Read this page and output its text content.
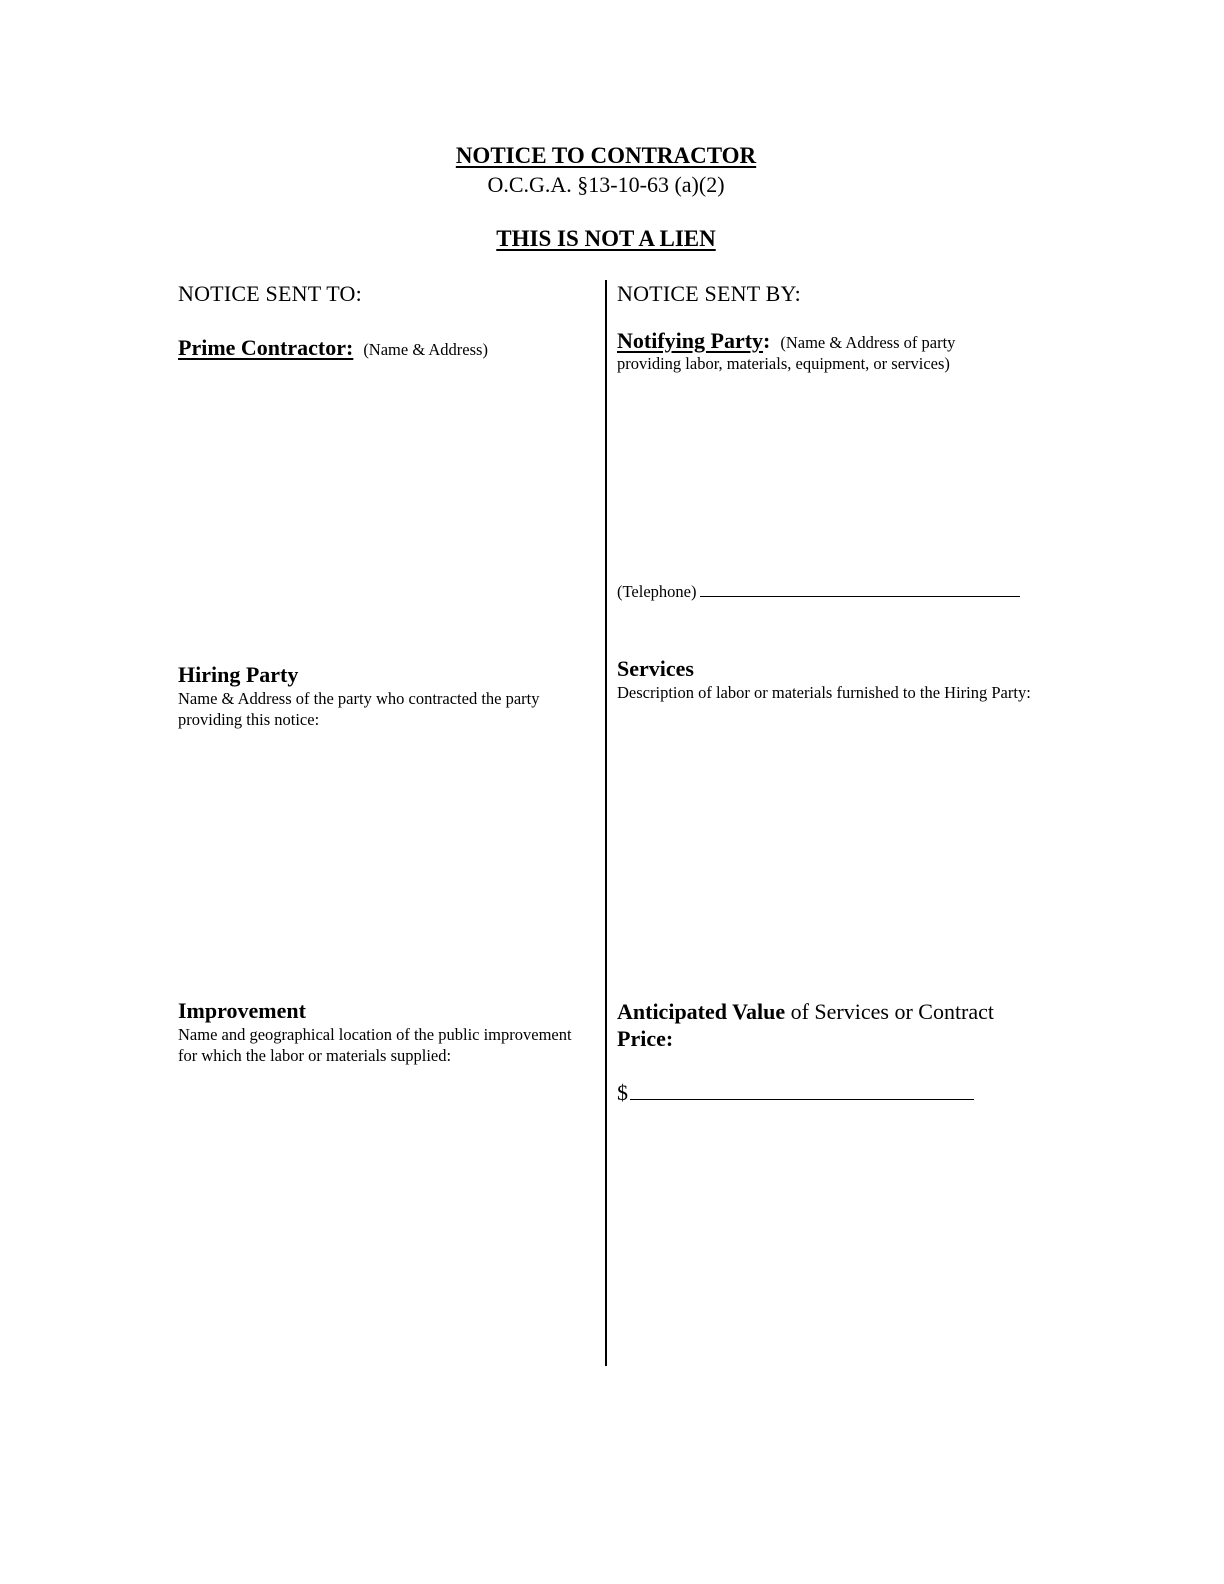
NOTICE TO CONTRACTOR
O.C.G.A. §13-10-63 (a)(2)
THIS IS NOT A LIEN
NOTICE SENT TO:
Prime Contractor: (Name & Address)
Hiring Party
Name & Address of the party who contracted the party providing this notice:
Improvement
Name and geographical location of the public improvement for which the labor or materials supplied:
NOTICE SENT BY:
Notifying Party: (Name & Address of party providing labor, materials, equipment, or services)
(Telephone)
Services
Description of labor or materials furnished to the Hiring Party:
Anticipated Value of Services or Contract
Price:
$
